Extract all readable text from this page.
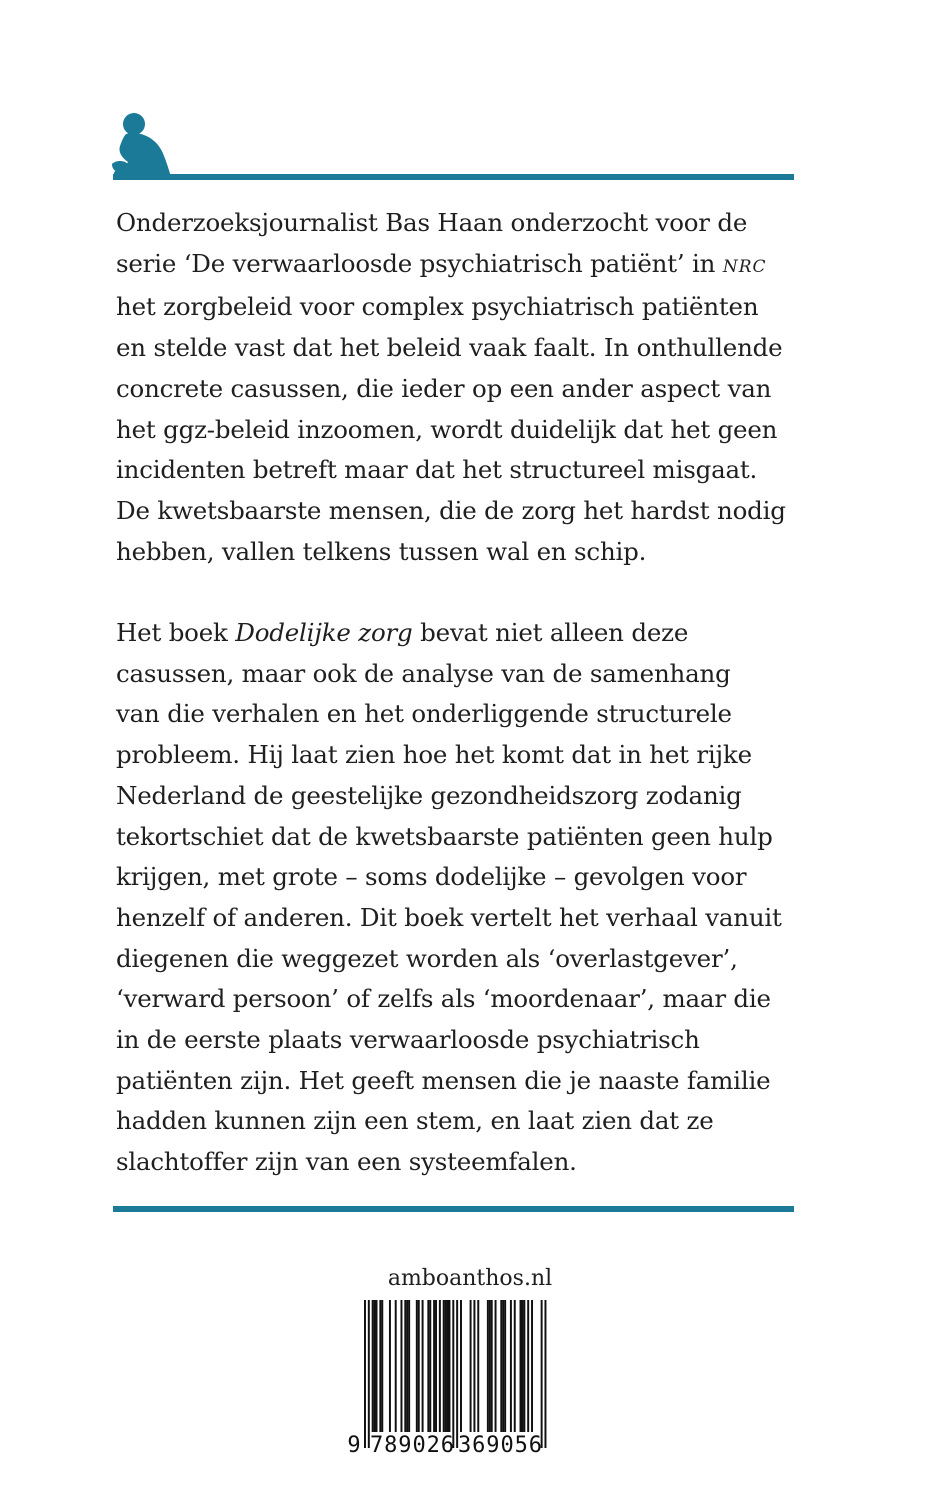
Onderzoeksjournalist Bas Haan onderzocht voor de
serie ‘De verwaarloosde psychiatrisch patiënt’ in NRC
het zorgbeleid voor complex psychiatrisch patiënten
en stelde vast dat het beleid vaak faalt. In onthullende
concrete casussen, die ieder op een ander aspect van
het ggz-beleid inzoomen, wordt duidelijk dat het geen
incidenten betreft maar dat het structureel misgaat.
De kwetsbaarste mensen, die de zorg het hardst nodig
hebben, vallen telkens tussen wal en schip.
Het boek Dodelijke zorg bevat niet alleen deze
casussen, maar ook de analyse van de samenhang
van die verhalen en het onderliggende structurele
probleem. Hij laat zien hoe het komt dat in het rijke
Nederland de geestelijke gezondheidszorg zodanig
tekortschiet dat de kwetsbaarste patiënten geen hulp
krijgen, met grote – soms dodelijke – gevolgen voor
henzelf of anderen. Dit boek vertelt het verhaal vanuit
diegenen die weggezet worden als ‘overlastgever’,
‘verward persoon’ of zelfs als ‘moordenaar’, maar die
in de eerste plaats verwaarloosde psychiatrisch
patiënten zijn. Het geeft mensen die je naaste familie
hadden kunnen zijn een stem, en laat zien dat ze
slachtoffer zijn van een systeemfalen.
amboanthos.nl
9 789026 369056
